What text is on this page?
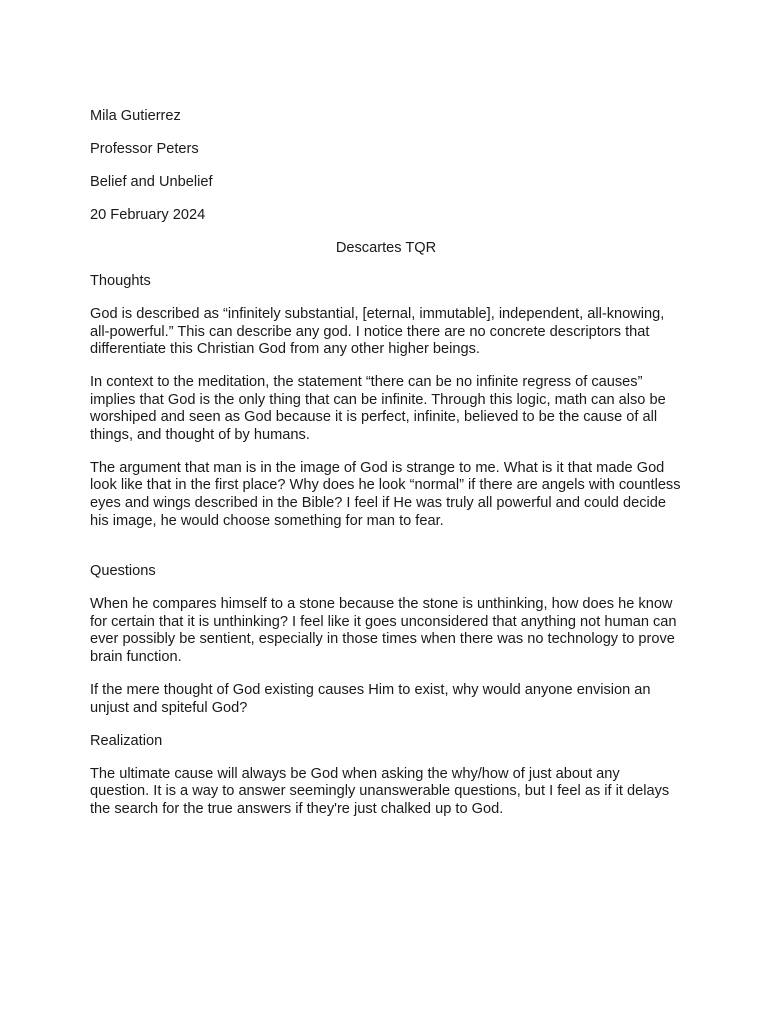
Mila Gutierrez

Professor Peters

Belief and Unbelief

20 February 2024

Descartes TQR

Thoughts

God is described as “infinitely substantial, [eternal, immutable], independent, all-knowing, all-powerful.” This can describe any god. I notice there are no concrete descriptors that differentiate this Christian God from any other higher beings.

In context to the meditation, the statement “there can be no infinite regress of causes” implies that God is the only thing that can be infinite. Through this logic, math can also be worshiped and seen as God because it is perfect, infinite, believed to be the cause of all things, and thought of by humans.

The argument that man is in the image of God is strange to me. What is it that made God look like that in the first place? Why does he look “normal” if there are angels with countless eyes and wings described in the Bible? I feel if He was truly all powerful and could decide his image, he would choose something for man to fear.

Questions

When he compares himself to a stone because the stone is unthinking, how does he know for certain that it is unthinking? I feel like it goes unconsidered that anything not human can ever possibly be sentient, especially in those times when there was no technology to prove brain function.

If the mere thought of God existing causes Him to exist, why would anyone envision an unjust and spiteful God?

Realization

The ultimate cause will always be God when asking the why/how of just about any question. It is a way to answer seemingly unanswerable questions, but I feel as if it delays the search for the true answers if they're just chalked up to God.
